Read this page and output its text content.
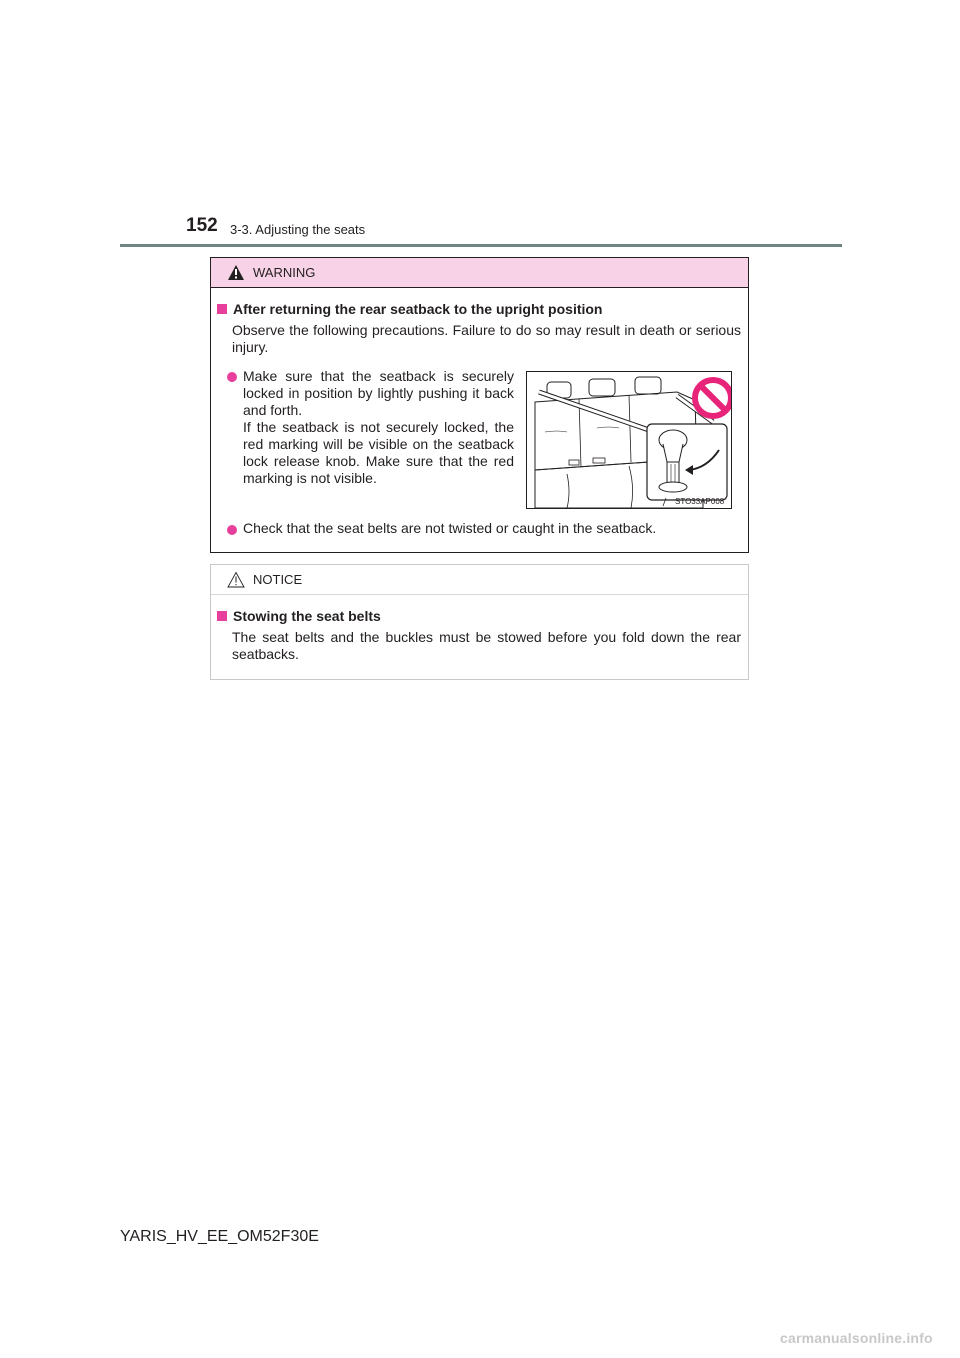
152 3-3. Adjusting the seats
WARNING
After returning the rear seatback to the upright position
Observe the following precautions. Failure to do so may result in death or serious injury.
Make sure that the seatback is securely locked in position by lightly pushing it back and forth.
If the seatback is not securely locked, the red marking will be visible on the seatback lock release knob. Make sure that the red marking is not visible.
STO33AP008
Check that the seat belts are not twisted or caught in the seatback.
NOTICE
Stowing the seat belts
The seat belts and the buckles must be stowed before you fold down the rear seatbacks.
YARIS_HV_EE_OM52F30E
carmanualsonline.info
